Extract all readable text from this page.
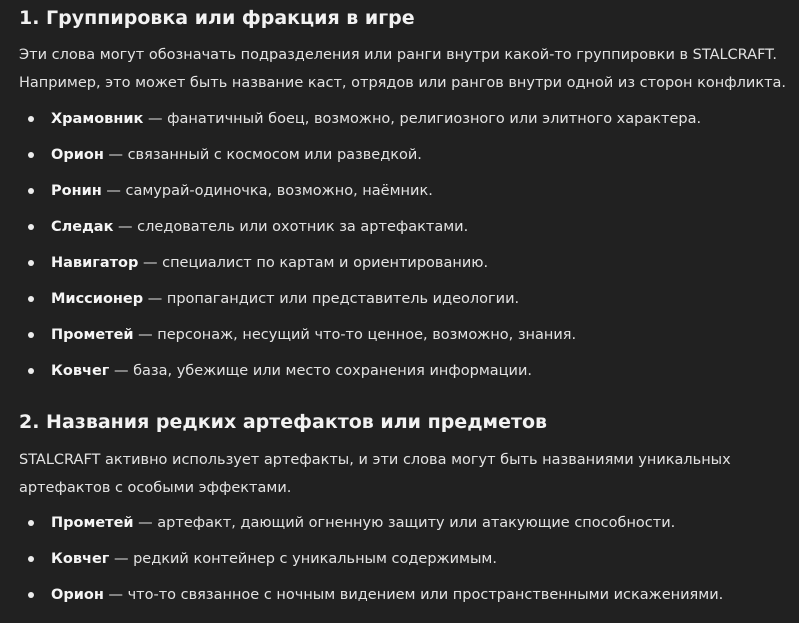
1. Группировка или фракция в игре

Эти слова могут обозначать подразделения или ранги внутри какой-то группировки в STALCRAFT.
Например, это может быть название каст, отрядов или рангов внутри одной из сторон конфликта.

Храмовник — фанатичный боец, возможно, религиозного или элитного характера.
Орион — связанный с космосом или разведкой.
Ронин — самурай-одиночка, возможно, наёмник.
Следак — следователь или охотник за артефактами.
Навигатор — специалист по картам и ориентированию.
Миссионер — пропагандист или представитель идеологии.
Прометей — персонаж, несущий что-то ценное, возможно, знания.
Ковчег — база, убежище или место сохранения информации.
2. Названия редких артефактов или предметов

STALCRAFT активно использует артефакты, и эти слова могут быть названиями уникальных
артефактов с особыми эффектами.

Прометей — артефакт, дающий огненную защиту или атакующие способности.
Ковчег — редкий контейнер с уникальным содержимым.
Орион — что-то связанное с ночным видением или пространственными искажениями.
